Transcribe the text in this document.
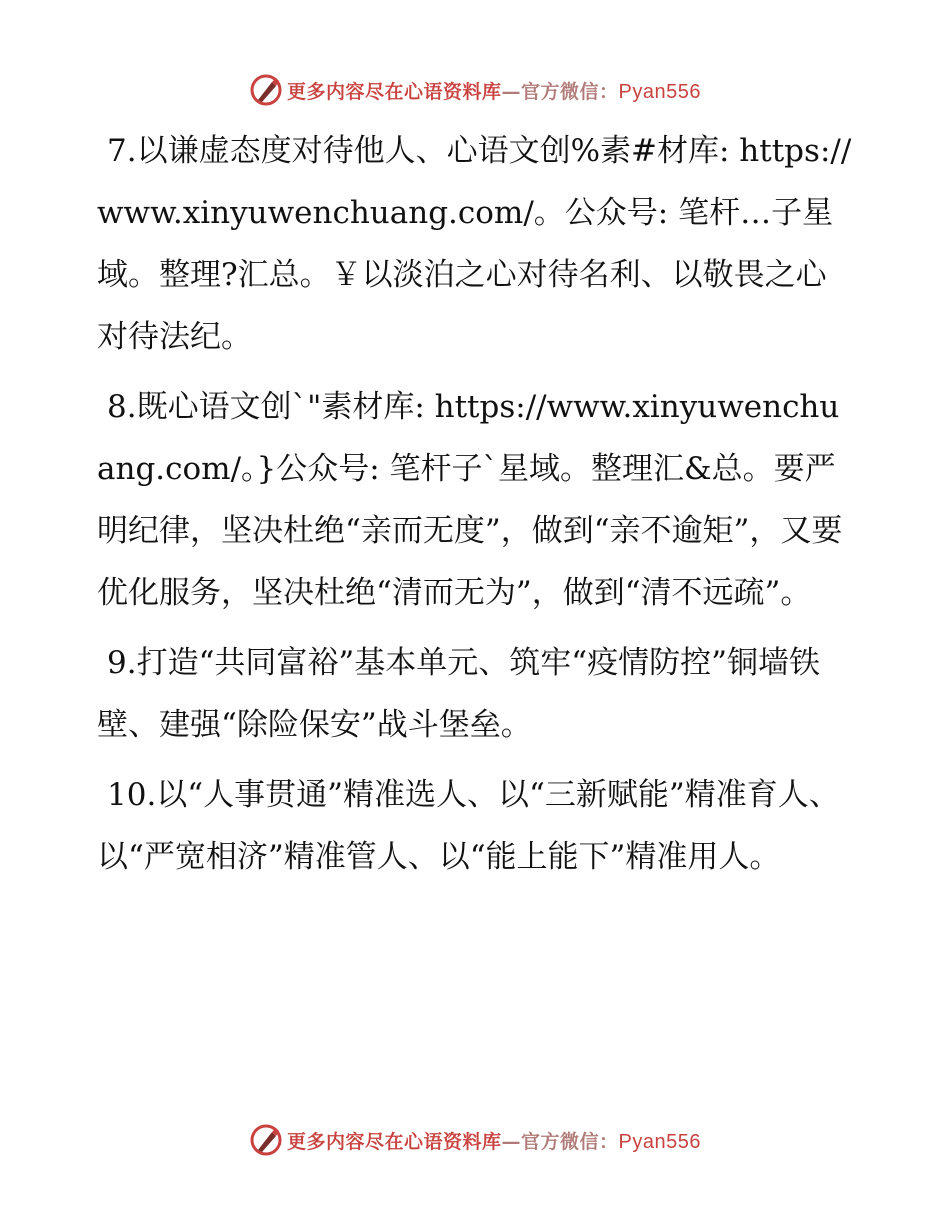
更多内容尽在心语资料库—官方微信：Pyan556

7.以谦虚态度对待他人、心语文创%素#材库: https://www.xinyuwenchuang.com/。公众号: 笔杆…子星域。整理?汇总。￥以淡泊之心对待名利、以敬畏之心对待法纪。

8.既心语文创`"素材库: https://www.xinyuwenchuang.com/。}公众号: 笔杆子`星域。整理汇&总。要严明纪律，坚决杜绝“亲而无度”，做到“亲不逾矩”，又要优化服务，坚决杜绝“清而无为”，做到“清不远疏”。

9.打造“共同富裕”基本单元、筑牢“疫情防控”铜墙铁壁、建强“除险保安”战斗堡垒。

10.以“人事贯通”精准选人、以“三新赋能”精准育人、以“严宽相济”精准管人、以“能上能下”精准用人。

更多内容尽在心语资料库—官方微信：Pyan556
